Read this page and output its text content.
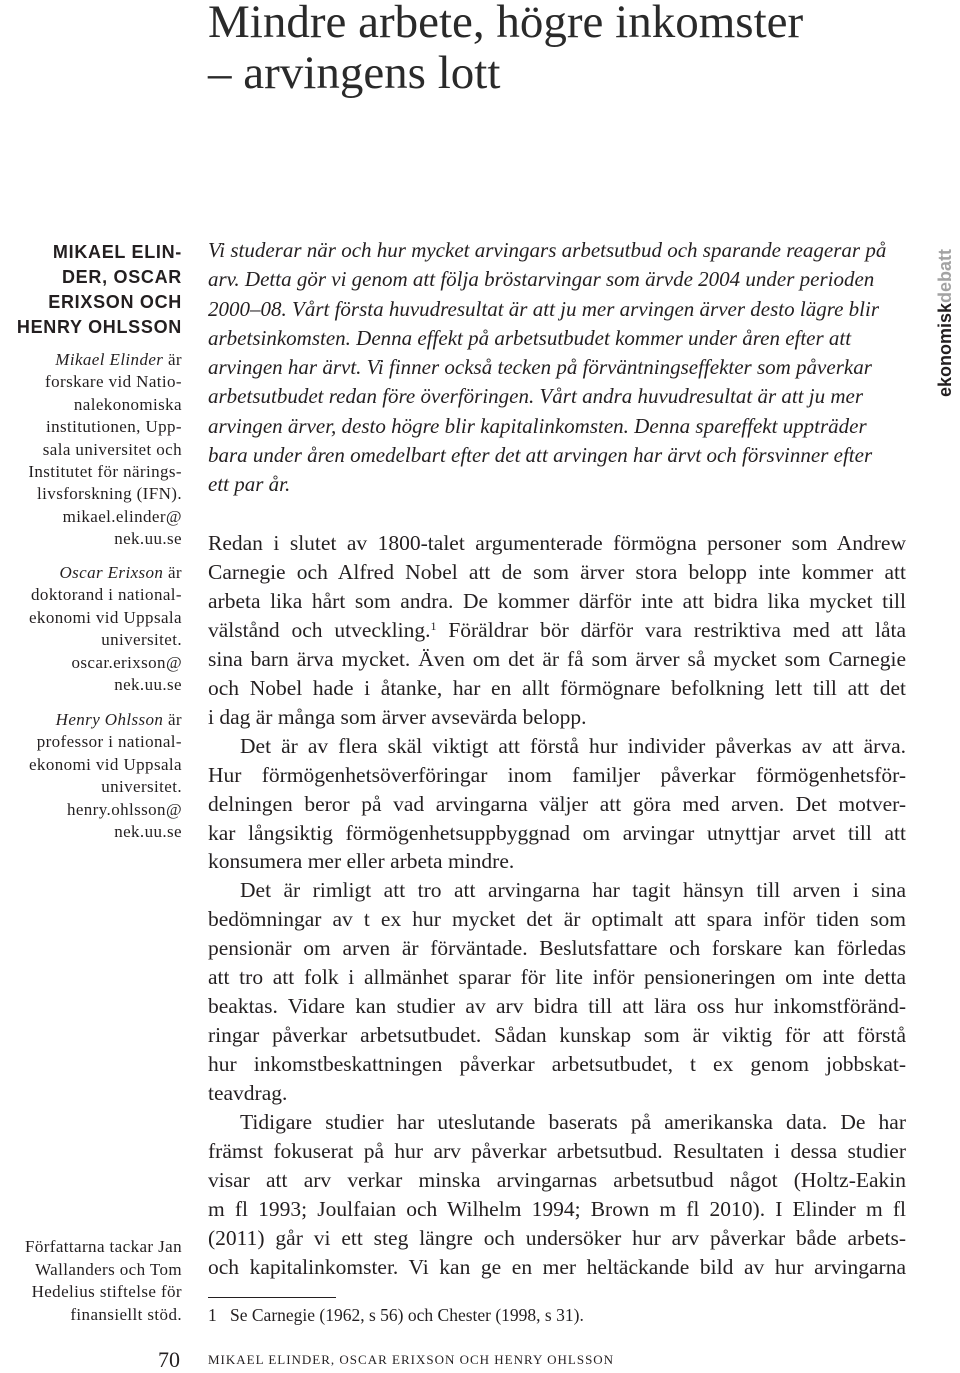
Mindre arbete, högre inkomster
– arvingens lott
MIKAEL ELIN-
DER, OSCAR
ERIXSON OCH
HENRY OHLSSON
Mikael Elinder är
forskare vid Natio-
nalekonomiska
institutionen, Upp-
sala universitet och
Institutet för närings-
livsforskning (IFN).
mikael.elinder@
nek.uu.se
Oscar Erixson är
doktorand i national-
ekonomi vid Uppsala
universitet.
oscar.erixson@
nek.uu.se
Henry Ohlsson är
professor i national-
ekonomi vid Uppsala
universitet.
henry.ohlsson@
nek.uu.se
Författarna tackar Jan
Wallanders och Tom
Hedelius stiftelse för
finansiellt stöd.
Vi studerar när och hur mycket arvingars arbetsutbud och sparande reagerar på
arv. Detta gör vi genom att följa bröstarvingar som ärvde 2004 under perioden
2000–08. Vårt första huvudresultat är att ju mer arvingen ärver desto lägre blir
arbetsinkomsten. Denna effekt på arbetsutbudet kommer under åren efter att
arvingen har ärvt. Vi finner också tecken på förväntningseffekter som påverkar
arbetsutbudet redan före överföringen. Vårt andra huvudresultat är att ju mer
arvingen ärver, desto högre blir kapitalinkomsten. Denna spareffekt uppträder
bara under åren omedelbart efter det att arvingen har ärvt och försvinner efter
ett par år.
Redan i slutet av 1800-talet argumenterade förmögna personer som Andrew
Carnegie och Alfred Nobel att de som ärver stora belopp inte kommer att
arbeta lika hårt som andra. De kommer därför inte att bidra lika mycket till
välstånd och utveckling.$^1$ Föräldrar bör därför vara restriktiva med att låta
sina barn ärva mycket. Även om det är få som ärver så mycket som Carnegie
och Nobel hade i åtanke, har en allt förmögnare befolkning lett till att det
i dag är många som ärver avsevärda belopp.
Det är av flera skäl viktigt att förstå hur individer påverkas av att ärva.
Hur förmögenhetsöverföringar inom familjer påverkar förmögenhetsför-
delningen beror på vad arvingarna väljer att göra med arven. Det motver-
kar långsiktig förmögenhetsuppbyggnad om arvingar utnyttjar arvet till att
konsumera mer eller arbeta mindre.
Det är rimligt att tro att arvingarna har tagit hänsyn till arven i sina
bedömningar av t ex hur mycket det är optimalt att spara inför tiden som
pensionär om arven är förväntade. Beslutsfattare och forskare kan förledas
att tro att folk i allmänhet sparar för lite inför pensioneringen om inte detta
beaktas. Vidare kan studier av arv bidra till att lära oss hur inkomstföränd-
ringar påverkar arbetsutbudet. Sådan kunskap som är viktig för att förstå
hur inkomstbeskattningen påverkar arbetsutbudet, t ex genom jobbskat-
teavdrag.
Tidigare studier har uteslutande baserats på amerikanska data. De har
främst fokuserat på hur arv påverkar arbetsutbud. Resultaten i dessa studier
visar att arv verkar minska arvingarnas arbetsutbud något (Holtz-Eakin
m fl 1993; Joulfaian och Wilhelm 1994; Brown m fl 2010). I Elinder m fl
(2011) går vi ett steg längre och undersöker hur arv påverkar både arbets-
och kapitalinkomster. Vi kan ge en mer heltäckande bild av hur arvingarna
1 Se Carnegie (1962, s 56) och Chester (1998, s 31).
ekonomiskdebatt
70 MIKAEL ELINDER, OSCAR ERIXSON OCH HENRY OHLSSON
